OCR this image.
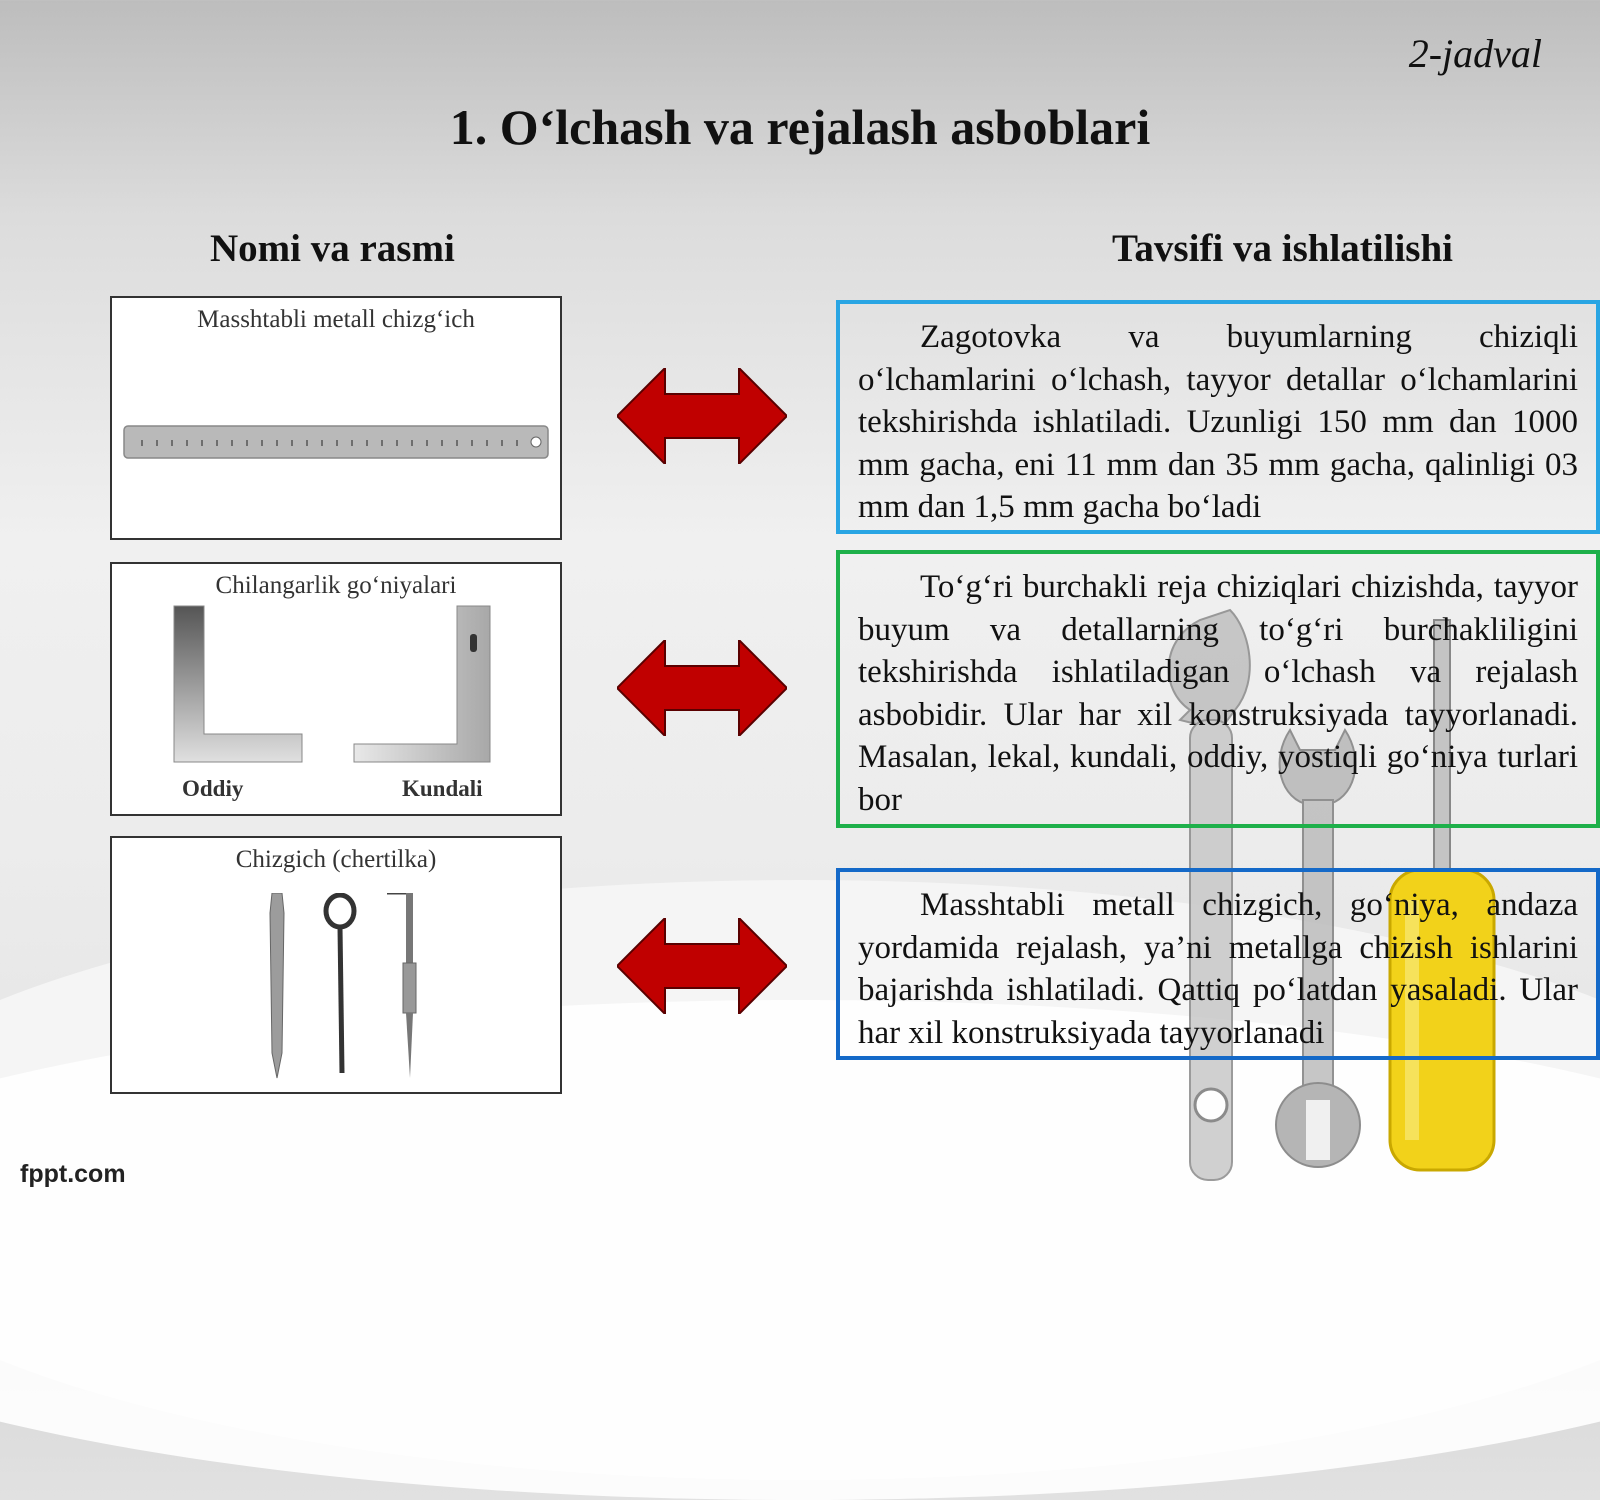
2-jadval
1. O‘lchash va rejalash asboblari
Nomi va rasmi	Tavsifi va ishlatilishi
Masshtabli metall chizg‘ich
Chilangarlik go‘niyalari
Oddiy	Kundali
Chizgich (chertilka)

Zagotovka va buyumlarning chiziqli o‘lchamlarini o‘lchash, tayyor detallar o‘lchamlarini tekshirishda ishlatiladi. Uzunligi 150 mm dan 1000 mm gacha, eni 11 mm dan 35 mm gacha, qalinligi 03 mm dan 1,5 mm gacha bo‘ladi

To‘g‘ri burchakli reja chiziqlari chizishda, tayyor buyum va detallarning to‘g‘ri burchakliligini tekshirishda ishlatiladigan o‘lchash va rejalash asbobidir. Ular har xil konstruksiyada tayyorlanadi. Masalan, lekal, kundali, oddiy, yostiqli go‘niya turlari bor

Masshtabli metall chizgich, go‘niya, andaza yordamida rejalash, ya’ni metallga chizish ishlarini bajarishda ishlatiladi. Qattiq po‘latdan yasaladi. Ular har xil konstruksiyada tayyorlanadi

fppt.com
